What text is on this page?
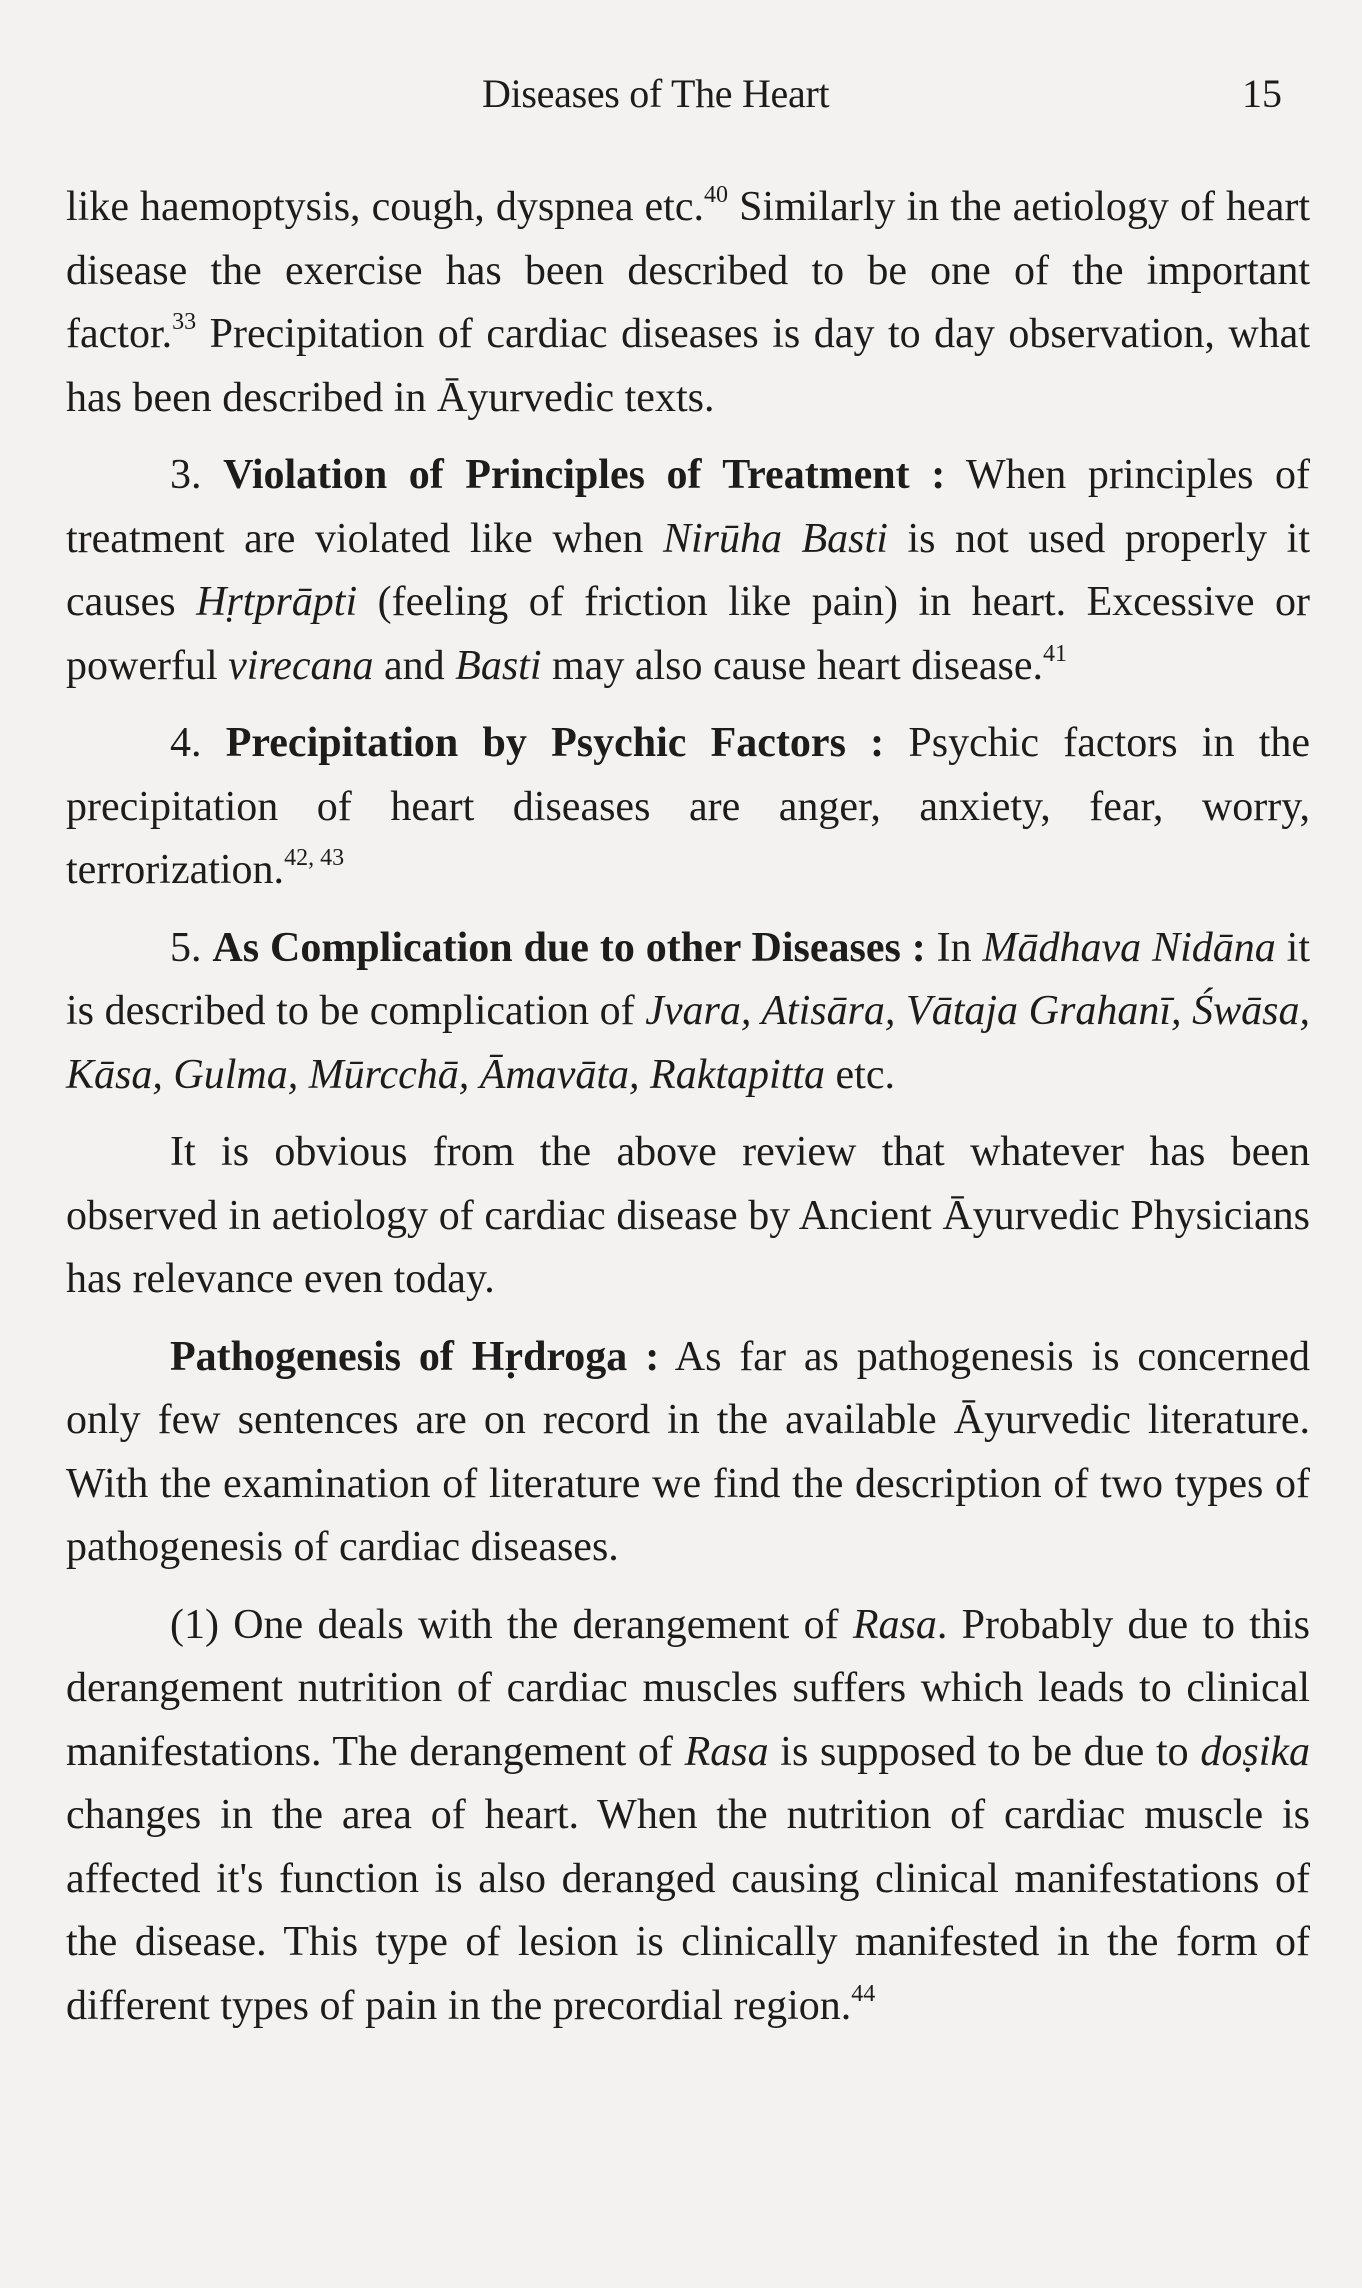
Diseases of The Heart	15

like haemoptysis, cough, dyspnea etc.$^{40}$ Similarly in the aetiology of heart disease the exercise has been described to be one of the important factor.$^{33}$ Precipitation of cardiac diseases is day to day observation, what has been described in Āyurvedic texts.

3. Violation of Principles of Treatment : When principles of treatment are violated like when Nirūha Basti is not used properly it causes Hṛtprāpti (feeling of friction like pain) in heart. Excessive or powerful virecana and Basti may also cause heart disease.$^{41}$

4. Precipitation by Psychic Factors : Psychic factors in the precipitation of heart diseases are anger, anxiety, fear, worry, terrorization.$^{42, 43}$

5. As Complication due to other Diseases : In Mādhava Nidāna it is described to be complication of Jvara, Atisāra, Vātaja Grahanī, Śwāsa, Kāsa, Gulma, Mūrcchā, Āmavāta, Raktapitta etc.

It is obvious from the above review that whatever has been observed in aetiology of cardiac disease by Ancient Āyurvedic Physicians has relevance even today.

Pathogenesis of Hṛdroga : As far as pathogenesis is concerned only few sentences are on record in the available Āyurvedic literature. With the examination of literature we find the description of two types of pathogenesis of cardiac diseases.

(1) One deals with the derangement of Rasa. Probably due to this derangement nutrition of cardiac muscles suffers which leads to clinical manifestations. The derangement of Rasa is supposed to be due to doṣika changes in the area of heart. When the nutrition of cardiac muscle is affected it's function is also deranged causing clinical manifestations of the disease. This type of lesion is clinically manifested in the form of different types of pain in the precordial region.$^{44}$
